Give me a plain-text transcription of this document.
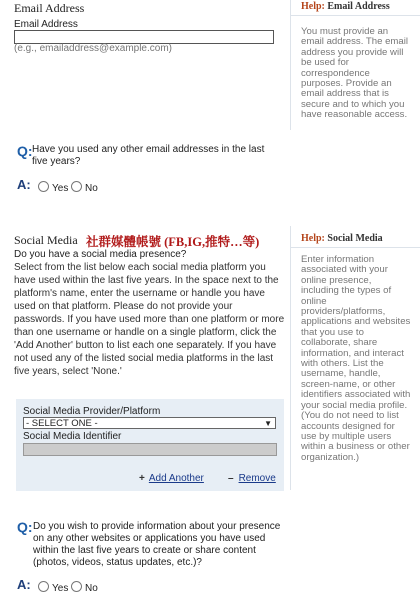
Email Address
Email Address
(e.g., emailaddress@example.com)
Help: Email Address
You must provide an email address. The email address you provide will be used for correspondence purposes. Provide an email address that is secure and to which you have reasonable access.
Q: Have you used any other email addresses in the last five years?
A:	Yes	No
Social Media 社群媒體帳號 (FB,IG,推特…等)
Do you have a social media presence?
Select from the list below each social media platform you have used within the last five years. In the space next to the platform's name, enter the username or handle you have used on that platform. Please do not provide your passwords. If you have used more than one platform or more than one username or handle on a single platform, click the 'Add Another' button to list each one separately. If you have not used any of the listed social media platforms in the last five years, select 'None.'
Help: Social Media
Enter information associated with your online presence, including the types of online providers/platforms, applications and websites that you use to collaborate, share information, and interact with others. List the username, handle, screen-name, or other identifiers associated with your social media profile. (You do not need to list accounts designed for use by multiple users within a business or other organization.)
Social Media Provider/Platform
- SELECT ONE -	▼
Social Media Identifier
+ Add Another – Remove
Q: Do you wish to provide information about your presence on any other websites or applications you have used within the last five years to create or share content (photos, videos, status updates, etc.)?
A:	Yes	No
